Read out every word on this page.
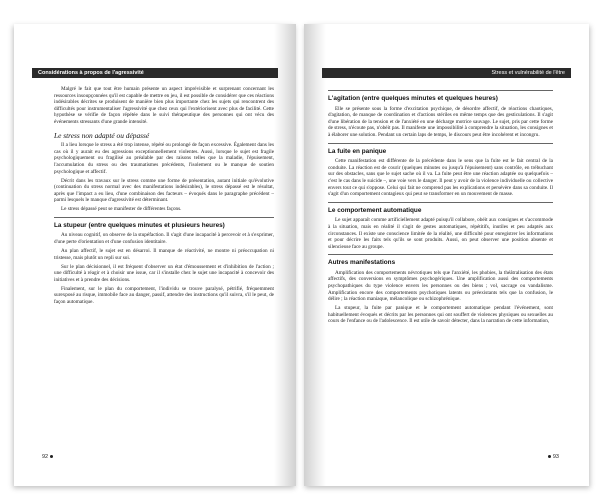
Considérations à propos de l'agressivité

Malgré le fait que tout être humain présente un aspect imprévisible et surprenant concernant les ressources insoupçonnées qu'il est capable de mettre en jeu, il est possible de considérer que ces réactions indésirables décrites se produisent de manière bien plus importante chez les sujets qui rencontrent des difficultés pour instrumentaliser l'agressivité que chez ceux qui l'extériorisent avec plus de facilité. Cette hypothèse se vérifie de façon répétée dans le suivi thérapeutique des personnes qui ont vécu des événements stressants d'une grande intensité.

Le stress non adapté ou dépassé

Il a lieu lorsque le stress a été trop intense, répété ou prolongé de façon excessive. Également dans les cas où il y aurait eu des agressions exceptionnellement violentes. Aussi, lorsque le sujet est fragile psychologiquement ou fragilisé au préalable par des raisons telles que la maladie, l'épuisement, l'accumulation du stress ou des traumatismes précédents, l'isolement ou le manque de soutien psychologique et affectif.

Décrit dans les travaux sur le stress comme une forme de présentation, autant initiale qu'évolutive (continuation du stress normal avec des manifestations indésirables), le stress dépassé est le résultat, après que l'impact a eu lieu, d'une combinaison des facteurs – évoqués dans le paragraphe précédent – parmi lesquels le manque d'agressivité est déterminant.

Le stress dépassé peut se manifester de différentes façons.

La stupeur (entre quelques minutes et plusieurs heures)

Au niveau cognitif, on observe de la stupéfaction. Il s'agit d'une incapacité à percevoir et à s'exprimer, d'une perte d'orientation et d'une confusion identitaire.

Au plan affectif, le sujet est en désarroi. Il manque de réactivité, ne montre ni préoccupation ni tristesse, mais plutôt un repli sur soi.

Sur le plan décisionnel, il est fréquent d'observer un état d'émoussement et d'inhibition de l'action ; une difficulté à réagir et à choisir une issue, car il s'installe chez le sujet une incapacité à concevoir des initiatives et à prendre des décisions.

Finalement, sur le plan du comportement, l'individu se trouve paralysé, pétrifié, fréquemment surexposé au risque, immobile face au danger, passif, attendre des instructions qu'il suivra, s'il le peut, de façon automatique.

92
Stress et vulnérabilité de l'être
L'agitation (entre quelques minutes et quelques heures)

Elle se présente sous la forme d'excitation psychique, de désordre affectif, de réactions chaotiques, d'agitation, de manque de coordination et d'actions stériles en même temps que des gesticulations. Il s'agit d'une libération de la tension et de l'anxiété en une décharge motrice sauvage. Le sujet, pris par cette forme de stress, n'écoute pas, n'obéit pas. Il manifeste une impossibilité à comprendre la situation, les consignes et à élaborer une solution. Pendant un certain laps de temps, le discours peut être incohérent et incongru.

La fuite en panique

Cette manifestation est différente de la précédente dans le sens que la fuite est le fait central de la conduite. La réaction est de courir (quelques minutes ou jusqu'à l'épuisement) sans contrôle, en trébuchant sur des obstacles, sans que le sujet sache où il va. La fuite peut être une réaction adaptée ou quelquefois – c'est le cas dans le suicide –, une voie vers le danger. Il peut y avoir de la violence individuelle ou collective envers tout ce qui s'oppose. Celui qui fait ne comprend pas les explications et persévère dans sa conduite. Il s'agit d'un comportement contagieux qui peut se transformer en un mouvement de masse.

Le comportement automatique

Le sujet apparaît comme artificiellement adapté puisqu'il collabore, obéit aux consignes et s'accommode à la situation, mais en réalité il s'agit de gestes automatiques, répétitifs, inutiles et peu adaptés aux circonstances. Il existe une conscience limitée de la réalité, une difficulté pour enregistrer les informations et pour décrire les faits tels qu'ils se sont produits. Aussi, on peut observer une position absente et silencieuse face au groupe.

Autres manifestations

Amplification des comportements névrotiques tels que l'anxiété, les phobies, la théâtralisation des états affectifs, des conversions en symptômes psychogériques. Une amplification aussi des comportements psychopathiques du type violence envers les personnes ou des biens ; vol, saccage ou vandalisme. Amplification encore des comportements psychotiques latents ou préexistants tels que la confusion, le délire ; la réaction maniaque, mélancolique ou schizophrénique.

La stupeur, la fuite par panique et le comportement automatique pendant l'événement, sont habituellement évoqués et décrits par les personnes qui ont souffert de violences physiques ou sexuelles au cours de l'enfance ou de l'adolescence. Il est utile de savoir détecter, dans la narration de cette information,

93
